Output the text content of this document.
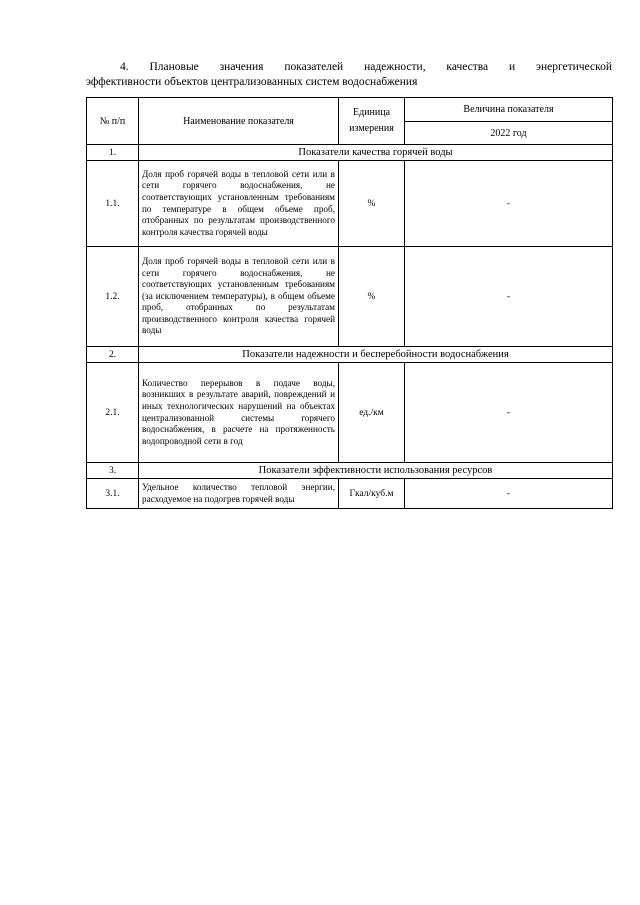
4. Плановые значения показателей надежности, качества и энергетической
эффективности объектов централизованных систем водоснабжения
№ п/п	Наименование показателя	Единица измерения	Величина показателя
			2022 год
1.	Показатели качества горячей воды		
1.1.	Доля проб горячей воды в тепловой сети или в сети горячего водоснабжения, не соответствующих установленным требованиям по температуре в общем объеме проб, отобранных по результатам производственного контроля качества горячей воды	%	-
1.2.	Доля проб горячей воды в тепловой сети или в сети горячего водоснабжения, не соответствующих установленным требованиям (за исключением температуры), в общем объеме проб, отобранных по результатам производственного контроля качества горячей воды	%	-
2.	Показатели надежности и бесперебойности водоснабжения		
2.1.	Количество перерывов в подаче воды, возникших в результате аварий, повреждений и иных технологических нарушений на объектах централизованной системы горячего водоснабжения, в расчете на протяженность водопроводной сети в год	ед./км	-
3.	Показатели эффективности использования ресурсов		
3.1.	Удельное количество тепловой энергии, расходуемое на подогрев горячей воды	Гкал/куб.м	-
